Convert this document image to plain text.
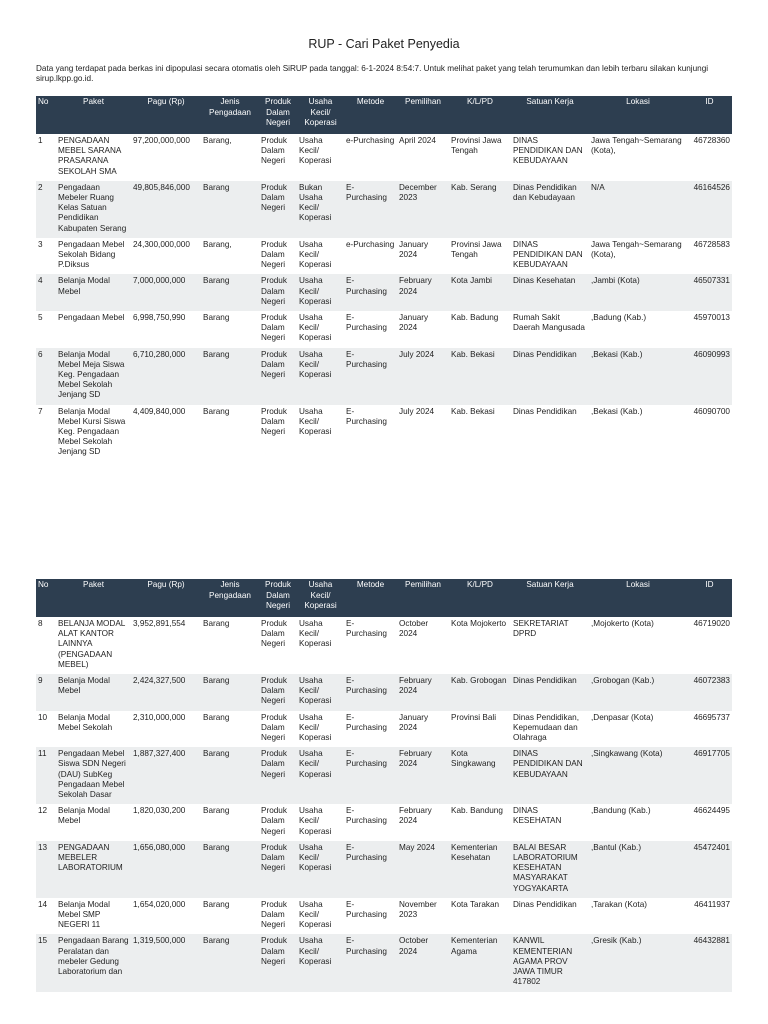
RUP - Cari Paket Penyedia
Data yang terdapat pada berkas ini dipopulasi secara otomatis oleh SiRUP pada tanggal: 6-1-2024 8:54:7. Untuk melihat paket yang telah terumumkan dan lebih terbaru silakan kunjungi sirup.lkpp.go.id.
No	Paket	Pagu (Rp)	Jenis Pengadaan	Produk Dalam Negeri	Usaha Kecil/ Koperasi	Metode	Pemilihan	K/L/PD	Satuan Kerja	Lokasi	ID
1	PENGADAAN MEBEL SARANA PRASARANA SEKOLAH SMA	97,200,000,000	Barang,	Produk Dalam Negeri	Usaha Kecil/ Koperasi	e-Purchasing	April 2024	Provinsi Jawa Tengah	DINAS PENDIDIKAN DAN KEBUDAYAAN	Jawa Tengah~Semarang (Kota),	46728360
2	Pengadaan Mebeler Ruang Kelas Satuan Pendidikan Kabupaten Serang	49,805,846,000	Barang	Produk Dalam Negeri	Bukan Usaha Kecil/ Koperasi	E-Purchasing	December 2023	Kab. Serang	Dinas Pendidikan dan Kebudayaan	N/A	46164526
3	Pengadaan Mebel Sekolah Bidang P.Diksus	24,300,000,000	Barang,	Produk Dalam Negeri	Usaha Kecil/ Koperasi	e-Purchasing	January 2024	Provinsi Jawa Tengah	DINAS PENDIDIKAN DAN KEBUDAYAAN	Jawa Tengah~Semarang (Kota),	46728583
4	Belanja Modal Mebel	7,000,000,000	Barang	Produk Dalam Negeri	Usaha Kecil/ Koperasi	E-Purchasing	February 2024	Kota Jambi	Dinas Kesehatan	,Jambi (Kota)	46507331
5	Pengadaan Mebel	6,998,750,990	Barang	Produk Dalam Negeri	Usaha Kecil/ Koperasi	E-Purchasing	January 2024	Kab. Badung	Rumah Sakit Daerah Mangusada	,Badung (Kab.)	45970013
6	Belanja Modal Mebel Meja Siswa Keg. Pengadaan Mebel Sekolah Jenjang SD	6,710,280,000	Barang	Produk Dalam Negeri	Usaha Kecil/ Koperasi	E-Purchasing	July 2024	Kab. Bekasi	Dinas Pendidikan	,Bekasi (Kab.)	46090993
7	Belanja Modal Mebel Kursi Siswa Keg. Pengadaan Mebel Sekolah Jenjang SD	4,409,840,000	Barang	Produk Dalam Negeri	Usaha Kecil/ Koperasi	E-Purchasing	July 2024	Kab. Bekasi	Dinas Pendidikan	,Bekasi (Kab.)	46090700
No	Paket	Pagu (Rp)	Jenis Pengadaan	Produk Dalam Negeri	Usaha Kecil/ Koperasi	Metode	Pemilihan	K/L/PD	Satuan Kerja	Lokasi	ID
8	BELANJA MODAL ALAT KANTOR LAINNYA (PENGADAAN MEBEL)	3,952,891,554	Barang	Produk Dalam Negeri	Usaha Kecil/ Koperasi	E-Purchasing	October 2024	Kota Mojokerto	SEKRETARIAT DPRD	,Mojokerto (Kota)	46719020
9	Belanja Modal Mebel	2,424,327,500	Barang	Produk Dalam Negeri	Usaha Kecil/ Koperasi	E-Purchasing	February 2024	Kab. Grobogan	Dinas Pendidikan	,Grobogan (Kab.)	46072383
10	Belanja Modal Mebel Sekolah	2,310,000,000	Barang	Produk Dalam Negeri	Usaha Kecil/ Koperasi	E-Purchasing	January 2024	Provinsi Bali	Dinas Pendidikan, Kepemudaan dan Olahraga	,Denpasar (Kota)	46695737
11	Pengadaan Mebel Siswa SDN Negeri (DAU) SubKeg Pengadaan Mebel Sekolah Dasar	1,887,327,400	Barang	Produk Dalam Negeri	Usaha Kecil/ Koperasi	E-Purchasing	February 2024	Kota Singkawang	DINAS PENDIDIKAN DAN KEBUDAYAAN	,Singkawang (Kota)	46917705
12	Belanja Modal Mebel	1,820,030,200	Barang	Produk Dalam Negeri	Usaha Kecil/ Koperasi	E-Purchasing	February 2024	Kab. Bandung	DINAS KESEHATAN	,Bandung (Kab.)	46624495
13	PENGADAAN MEBELER LABORATORIUM	1,656,080,000	Barang	Produk Dalam Negeri	Usaha Kecil/ Koperasi	E-Purchasing	May 2024	Kementerian Kesehatan	BALAI BESAR LABORATORIUM KESEHATAN MASYARAKAT YOGYAKARTA	,Bantul (Kab.)	45472401
14	Belanja Modal Mebel SMP NEGERI 11	1,654,020,000	Barang	Produk Dalam Negeri	Usaha Kecil/ Koperasi	E-Purchasing	November 2023	Kota Tarakan	Dinas Pendidikan	,Tarakan (Kota)	46411937
15	Pengadaan Barang Peralatan dan mebeler Gedung Laboratorium dan	1,319,500,000	Barang	Produk Dalam Negeri	Usaha Kecil/ Koperasi	E-Purchasing	October 2024	Kementerian Agama	KANWIL KEMENTERIAN AGAMA PROV JAWA TIMUR 417802	,Gresik (Kab.)	46432881
